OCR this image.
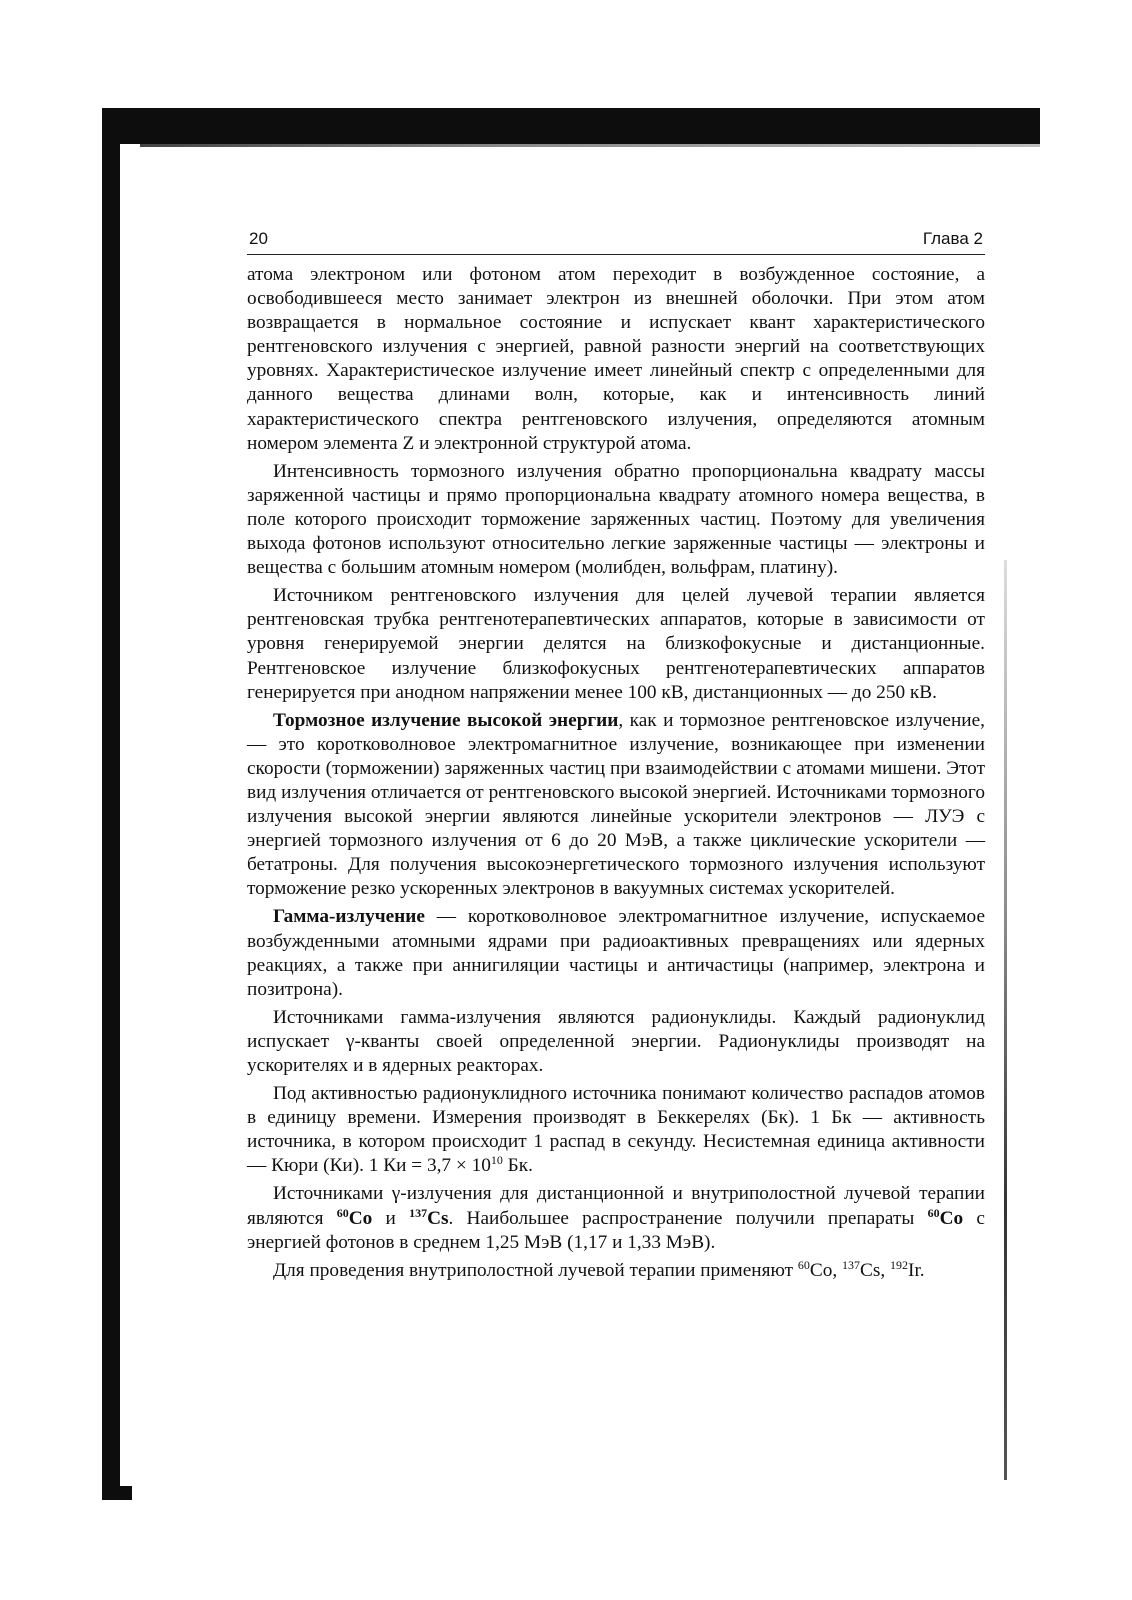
20	Глава 2

атома электроном или фотоном атом переходит в возбужденное состояние, а освободившееся место занимает электрон из внешней оболочки. При этом атом возвращается в нормальное состояние и испускает квант характеристического рентгеновского излучения с энергией, равной разности энергий на соответствующих уровнях. Характеристическое излучение имеет линейный спектр с определенными для данного вещества длинами волн, которые, как и интенсивность линий характеристического спектра рентгеновского излучения, определяются атомным номером элемента Z и электронной структурой атома.

Интенсивность тормозного излучения обратно пропорциональна квадрату массы заряженной частицы и прямо пропорциональна квадрату атомного номера вещества, в поле которого происходит торможение заряженных частиц. Поэтому для увеличения выхода фотонов используют относительно легкие заряженные частицы — электроны и вещества с большим атомным номером (молибден, вольфрам, платину).

Источником рентгеновского излучения для целей лучевой терапии является рентгеновская трубка рентгенотерапевтических аппаратов, которые в зависимости от уровня генерируемой энергии делятся на близкофокусные и дистанционные. Рентгеновское излучение близкофокусных рентгенотерапевтических аппаратов генерируется при анодном напряжении менее 100 кВ, дистанционных — до 250 кВ.

Тормозное излучение высокой энергии, как и тормозное рентгеновское излучение, — это коротковолновое электромагнитное излучение, возникающее при изменении скорости (торможении) заряженных частиц при взаимодействии с атомами мишени. Этот вид излучения отличается от рентгеновского высокой энергией. Источниками тормозного излучения высокой энергии являются линейные ускорители электронов — ЛУЭ с энергией тормозного излучения от 6 до 20 МэВ, а также циклические ускорители — бетатроны. Для получения высокоэнергетического тормозного излучения используют торможение резко ускоренных электронов в вакуумных системах ускорителей.

Гамма-излучение — коротковолновое электромагнитное излучение, испускаемое возбужденными атомными ядрами при радиоактивных превращениях или ядерных реакциях, а также при аннигиляции частицы и античастицы (например, электрона и позитрона).

Источниками гамма-излучения являются радионуклиды. Каждый радионуклид испускает γ-кванты своей определенной энергии. Радионуклиды производят на ускорителях и в ядерных реакторах.

Под активностью радионуклидного источника понимают количество распадов атомов в единицу времени. Измерения производят в Беккерелях (Бк). 1 Бк — активность источника, в котором происходит 1 распад в секунду. Несистемная единица активности — Кюри (Ки). 1 Ки = $3,7 \times 10^{10}$ Бк.

Источниками γ-излучения для дистанционной и внутриполостной лучевой терапии являются $^{60}$Co и $^{137}$Cs. Наибольшее распространение получили препараты $^{60}$Co с энергией фотонов в среднем 1,25 МэВ (1,17 и 1,33 МэВ).

Для проведения внутриполостной лучевой терапии применяют $^{60}$Co, $^{137}$Cs, $^{192}$Ir.
